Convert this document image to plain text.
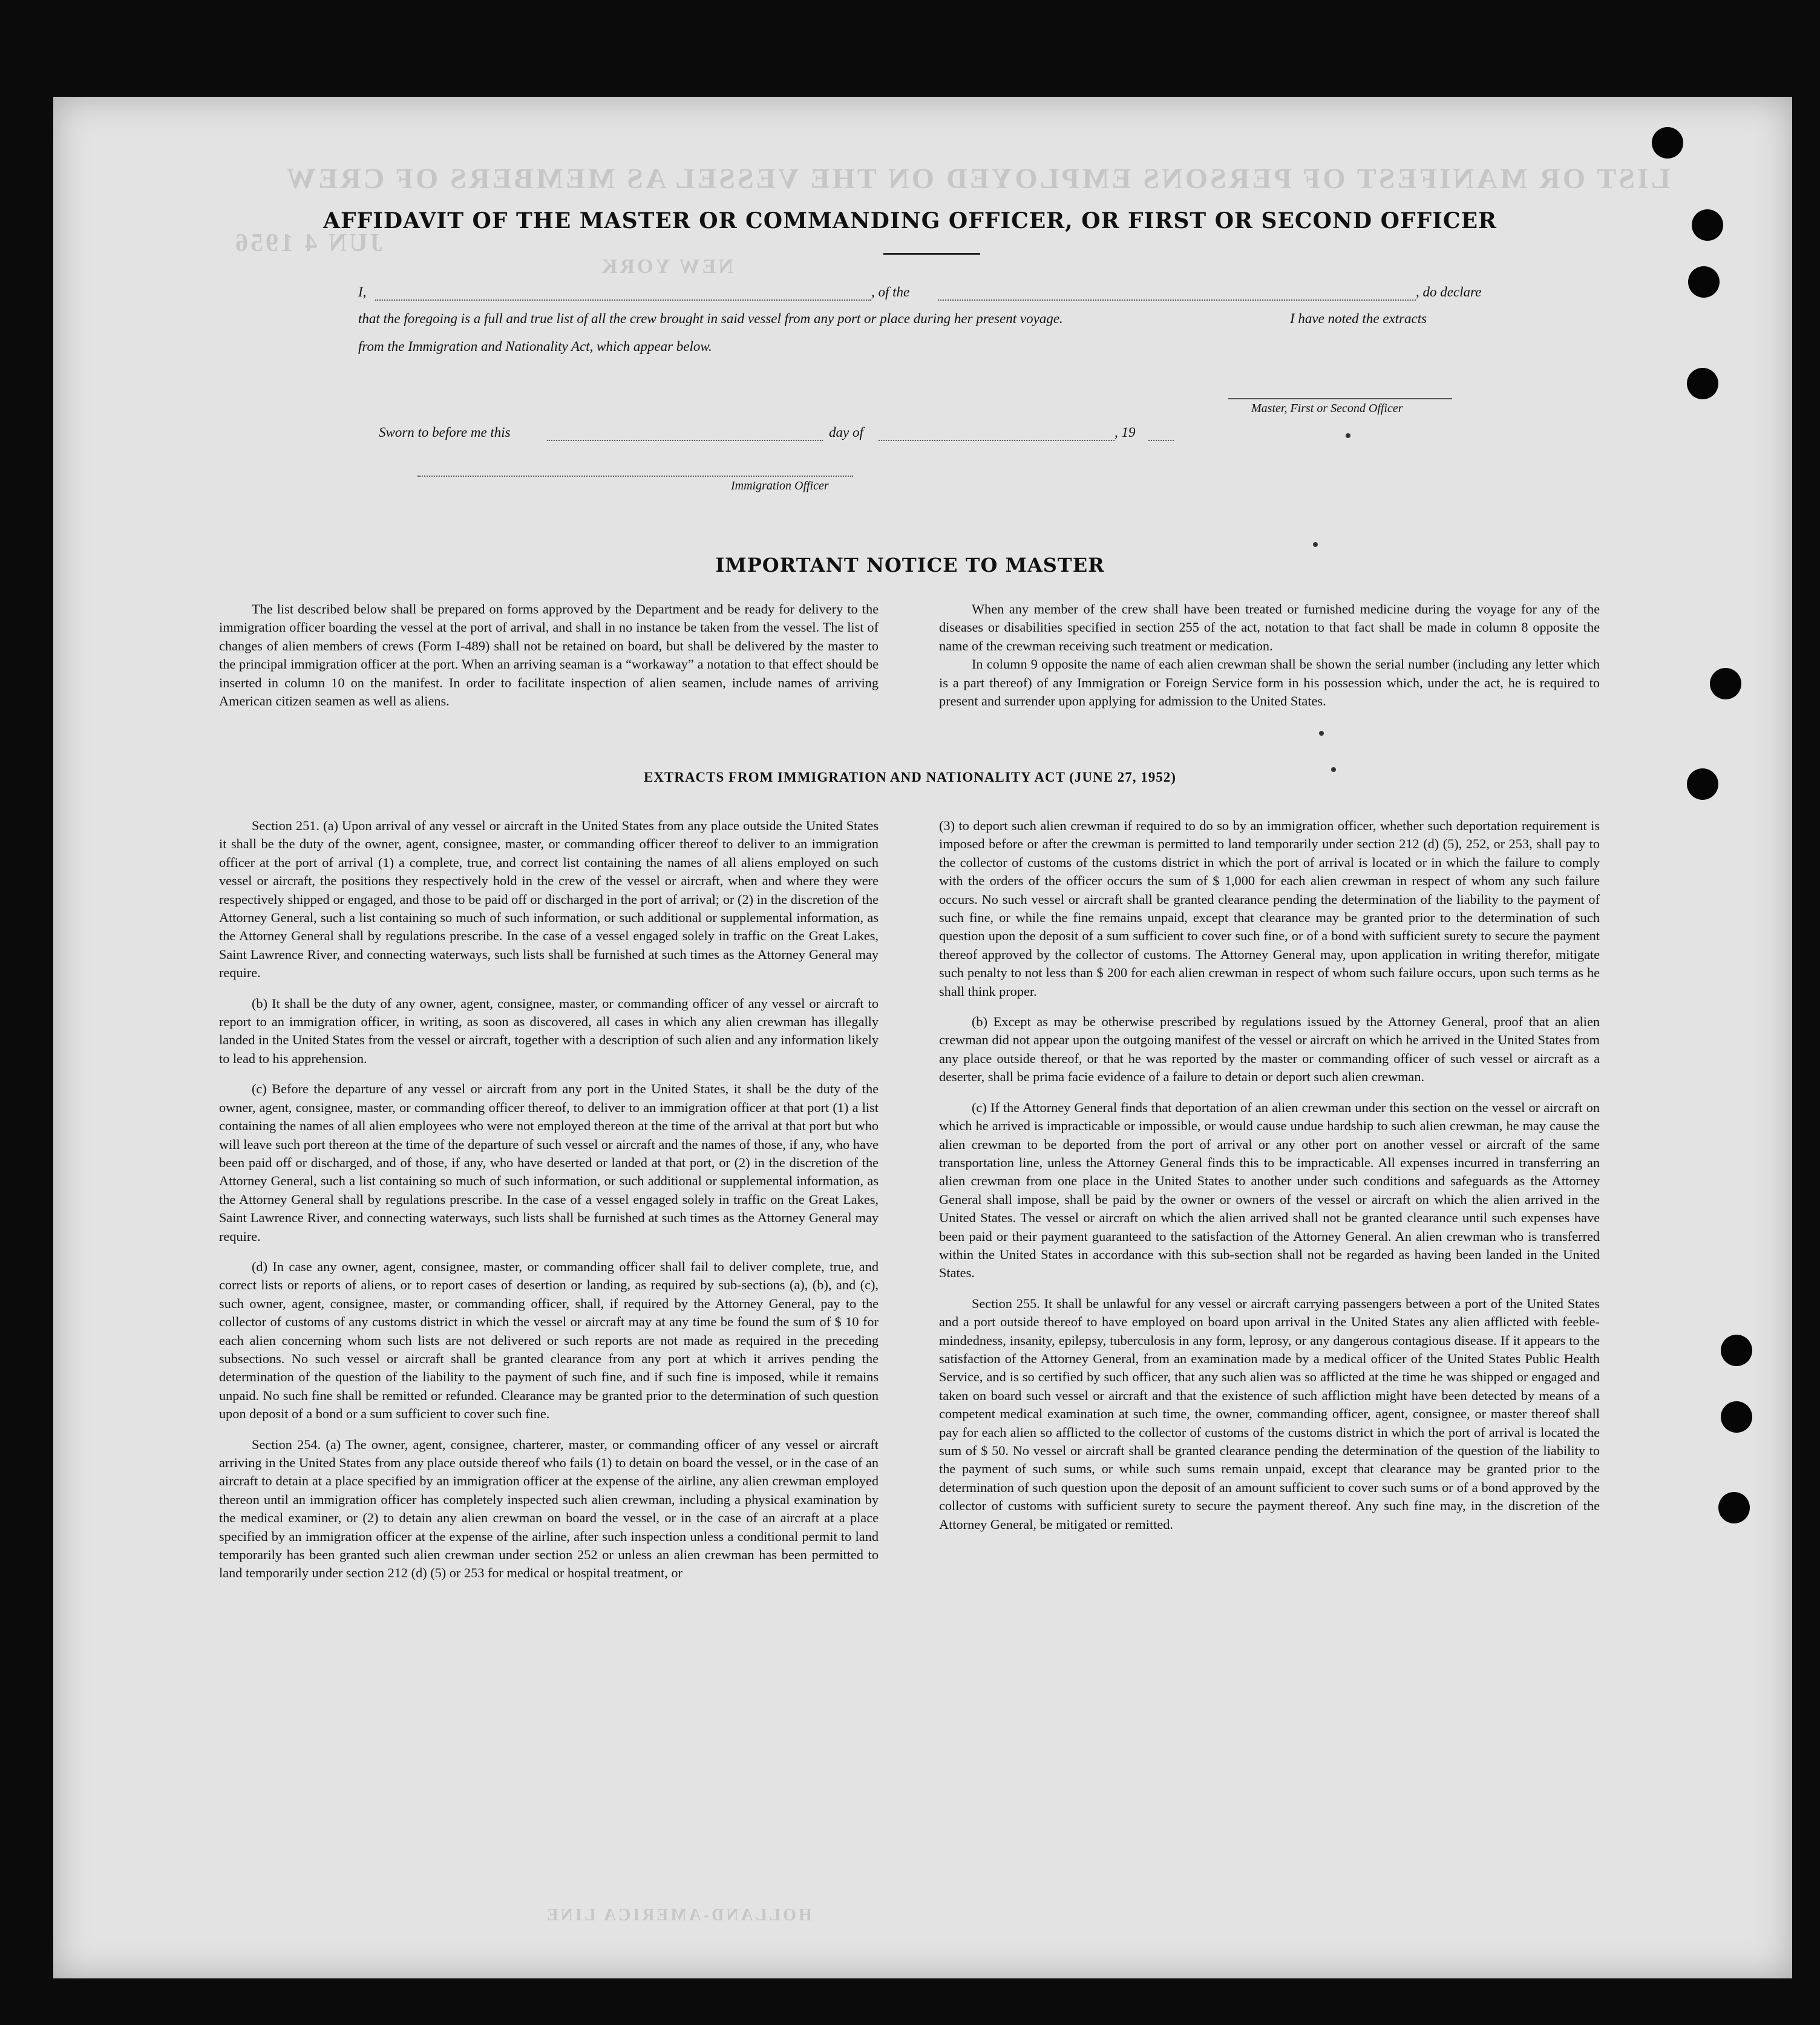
LIST OR MANIFEST OF PERSONS EMPLOYED ON THE VESSEL AS MEMBERS OF CREW
JUN 4 1956
NEW YORK
HOLLAND-AMERICA LINE
AFFIDAVIT OF THE MASTER OR COMMANDING OFFICER, OR FIRST OR SECOND OFFICER
I,	, of the	, do declare
that the foregoing is a full and true list of all the crew brought in said vessel from any port or place during her present voyage.	I have noted the extracts
from the Immigration and Nationality Act, which appear below.
Master, First or Second Officer
Sworn to before me this	day of	, 19
Immigration Officer
IMPORTANT NOTICE TO MASTER

The list described below shall be prepared on forms approved by the Department and be ready for delivery to the immigration officer boarding the vessel at the port of arrival, and shall in no instance be taken from the vessel. The list of changes of alien members of crews (Form I-489) shall not be retained on board, but shall be delivered by the master to the principal immigration officer at the port. When an arriving seaman is a “workaway” a notation to that effect should be inserted in column 10 on the manifest. In order to facilitate inspection of alien seamen, include names of arriving American citizen seamen as well as aliens.

When any member of the crew shall have been treated or furnished medicine during the voyage for any of the diseases or disabilities specified in section 255 of the act, notation to that fact shall be made in column 8 opposite the name of the crewman receiving such treatment or medication.

In column 9 opposite the name of each alien crewman shall be shown the serial number (including any letter which is a part thereof) of any Immigration or Foreign Service form in his possession which, under the act, he is required to present and surrender upon applying for admission to the United States.

EXTRACTS FROM IMMIGRATION AND NATIONALITY ACT (JUNE 27, 1952)

Section 251. (a) Upon arrival of any vessel or aircraft in the United States from any place outside the United States it shall be the duty of the owner, agent, consignee, master, or commanding officer thereof to deliver to an immigration officer at the port of arrival (1) a complete, true, and correct list containing the names of all aliens employed on such vessel or aircraft, the positions they respectively hold in the crew of the vessel or aircraft, when and where they were respectively shipped or engaged, and those to be paid off or discharged in the port of arrival; or (2) in the discretion of the Attorney General, such a list containing so much of such information, or such additional or supplemental information, as the Attorney General shall by regulations prescribe. In the case of a vessel engaged solely in traffic on the Great Lakes, Saint Lawrence River, and connecting waterways, such lists shall be furnished at such times as the Attorney General may require.

(b) It shall be the duty of any owner, agent, consignee, master, or commanding officer of any vessel or aircraft to report to an immigration officer, in writing, as soon as discovered, all cases in which any alien crewman has illegally landed in the United States from the vessel or aircraft, together with a description of such alien and any information likely to lead to his apprehension.

(c) Before the departure of any vessel or aircraft from any port in the United States, it shall be the duty of the owner, agent, consignee, master, or commanding officer thereof, to deliver to an immigration officer at that port (1) a list containing the names of all alien employees who were not employed thereon at the time of the arrival at that port but who will leave such port thereon at the time of the departure of such vessel or aircraft and the names of those, if any, who have been paid off or discharged, and of those, if any, who have deserted or landed at that port, or (2) in the discretion of the Attorney General, such a list containing so much of such information, or such additional or supplemental information, as the Attorney General shall by regulations prescribe. In the case of a vessel engaged solely in traffic on the Great Lakes, Saint Lawrence River, and connecting waterways, such lists shall be furnished at such times as the Attorney General may require.

(d) In case any owner, agent, consignee, master, or commanding officer shall fail to deliver complete, true, and correct lists or reports of aliens, or to report cases of desertion or landing, as required by sub-sections (a), (b), and (c), such owner, agent, consignee, master, or commanding officer, shall, if required by the Attorney General, pay to the collector of customs of any customs district in which the vessel or aircraft may at any time be found the sum of $ 10 for each alien concerning whom such lists are not delivered or such reports are not made as required in the preceding subsections. No such vessel or aircraft shall be granted clearance from any port at which it arrives pending the determination of the question of the liability to the payment of such fine, and if such fine is imposed, while it remains unpaid. No such fine shall be remitted or refunded. Clearance may be granted prior to the determination of such question upon deposit of a bond or a sum sufficient to cover such fine.

Section 254. (a) The owner, agent, consignee, charterer, master, or commanding officer of any vessel or aircraft arriving in the United States from any place outside thereof who fails (1) to detain on board the vessel, or in the case of an aircraft to detain at a place specified by an immigration officer at the expense of the airline, any alien crewman employed thereon until an immigration officer has completely inspected such alien crewman, including a physical examination by the medical examiner, or (2) to detain any alien crewman on board the vessel, or in the case of an aircraft at a place specified by an immigration officer at the expense of the airline, after such inspection unless a conditional permit to land temporarily has been granted such alien crewman under section 252 or unless an alien crewman has been permitted to land temporarily under section 212 (d) (5) or 253 for medical or hospital treatment, or

(3) to deport such alien crewman if required to do so by an immigration officer, whether such deportation requirement is imposed before or after the crewman is permitted to land temporarily under section 212 (d) (5), 252, or 253, shall pay to the collector of customs of the customs district in which the port of arrival is located or in which the failure to comply with the orders of the officer occurs the sum of $ 1,000 for each alien crewman in respect of whom any such failure occurs. No such vessel or aircraft shall be granted clearance pending the determination of the liability to the payment of such fine, or while the fine remains unpaid, except that clearance may be granted prior to the determination of such question upon the deposit of a sum sufficient to cover such fine, or of a bond with sufficient surety to secure the payment thereof approved by the collector of customs. The Attorney General may, upon application in writing therefor, mitigate such penalty to not less than $ 200 for each alien crewman in respect of whom such failure occurs, upon such terms as he shall think proper.

(b) Except as may be otherwise prescribed by regulations issued by the Attorney General, proof that an alien crewman did not appear upon the outgoing manifest of the vessel or aircraft on which he arrived in the United States from any place outside thereof, or that he was reported by the master or commanding officer of such vessel or aircraft as a deserter, shall be prima facie evidence of a failure to detain or deport such alien crewman.

(c) If the Attorney General finds that deportation of an alien crewman under this section on the vessel or aircraft on which he arrived is impracticable or impossible, or would cause undue hardship to such alien crewman, he may cause the alien crewman to be deported from the port of arrival or any other port on another vessel or aircraft of the same transportation line, unless the Attorney General finds this to be impracticable. All expenses incurred in transferring an alien crewman from one place in the United States to another under such conditions and safeguards as the Attorney General shall impose, shall be paid by the owner or owners of the vessel or aircraft on which the alien arrived in the United States. The vessel or aircraft on which the alien arrived shall not be granted clearance until such expenses have been paid or their payment guaranteed to the satisfaction of the Attorney General. An alien crewman who is transferred within the United States in accordance with this sub-section shall not be regarded as having been landed in the United States.

Section 255. It shall be unlawful for any vessel or aircraft carrying passengers between a port of the United States and a port outside thereof to have employed on board upon arrival in the United States any alien afflicted with feeble-mindedness, insanity, epilepsy, tuberculosis in any form, leprosy, or any dangerous contagious disease. If it appears to the satisfaction of the Attorney General, from an examination made by a medical officer of the United States Public Health Service, and is so certified by such officer, that any such alien was so afflicted at the time he was shipped or engaged and taken on board such vessel or aircraft and that the existence of such affliction might have been detected by means of a competent medical examination at such time, the owner, commanding officer, agent, consignee, or master thereof shall pay for each alien so afflicted to the collector of customs of the customs district in which the port of arrival is located the sum of $ 50. No vessel or aircraft shall be granted clearance pending the determination of the question of the liability to the payment of such sums, or while such sums remain unpaid, except that clearance may be granted prior to the determination of such question upon the deposit of an amount sufficient to cover such sums or of a bond approved by the collector of customs with sufficient surety to secure the payment thereof. Any such fine may, in the discretion of the Attorney General, be mitigated or remitted.
